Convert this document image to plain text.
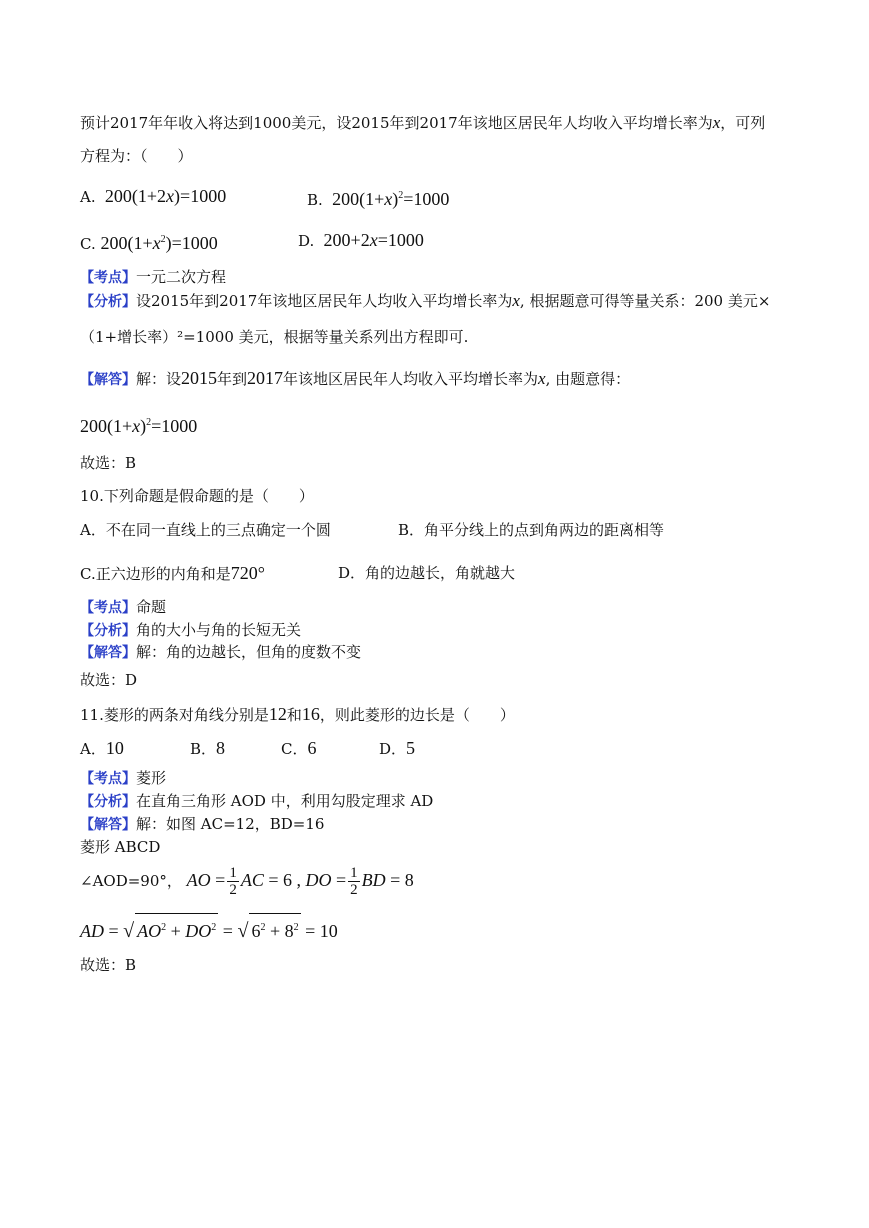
预计2017年年收入将达到1000美元，设2015年到2017年该地区居民年人均收入平均增长率为x，可列
方程为：（　　）
A.  200(1+2x)=1000	B.  $200(1+x)^2=1000$
C. $200(1+x^2)=1000$	D.  200+2x=1000
【考点】一元二次方程
【分析】设2015年到2017年该地区居民年人均收入平均增长率为x, 根据题意可得等量关系：200 美元×
（1+增长率）²=1000 美元，根据等量关系列出方程即可.
【解答】解：设2015年到2017年该地区居民年人均收入平均增长率为x, 由题意得：
$200(1+x)^2=1000$
故选：B
10.下列命题是假命题的是（　　）
A．不在同一直线上的三点确定一个圆	B．角平分线上的点到角两边的距离相等
C.正六边形的内角和是720°	D．角的边越长，角就越大
【考点】命题
【分析】角的大小与角的长短无关
【解答】解：角的边越长，但角的度数不变
故选：D
11.菱形的两条对角线分别是12和16，则此菱形的边长是（　　）
A．10	B．8	C．6	D．5
【考点】菱形
【分析】在直角三角形 AOD 中，利用勾股定理求 AD
【解答】解：如图 AC=12，BD=16
菱形 ABCD
∠AOD=90°， AO = $\frac{1}{2}$ AC = 6 , DO = $\frac{1}{2}$ BD = 8
AD = √ $AO^2 + DO^2$ = √ $6^2 + 8^2 = 10$
故选：B
